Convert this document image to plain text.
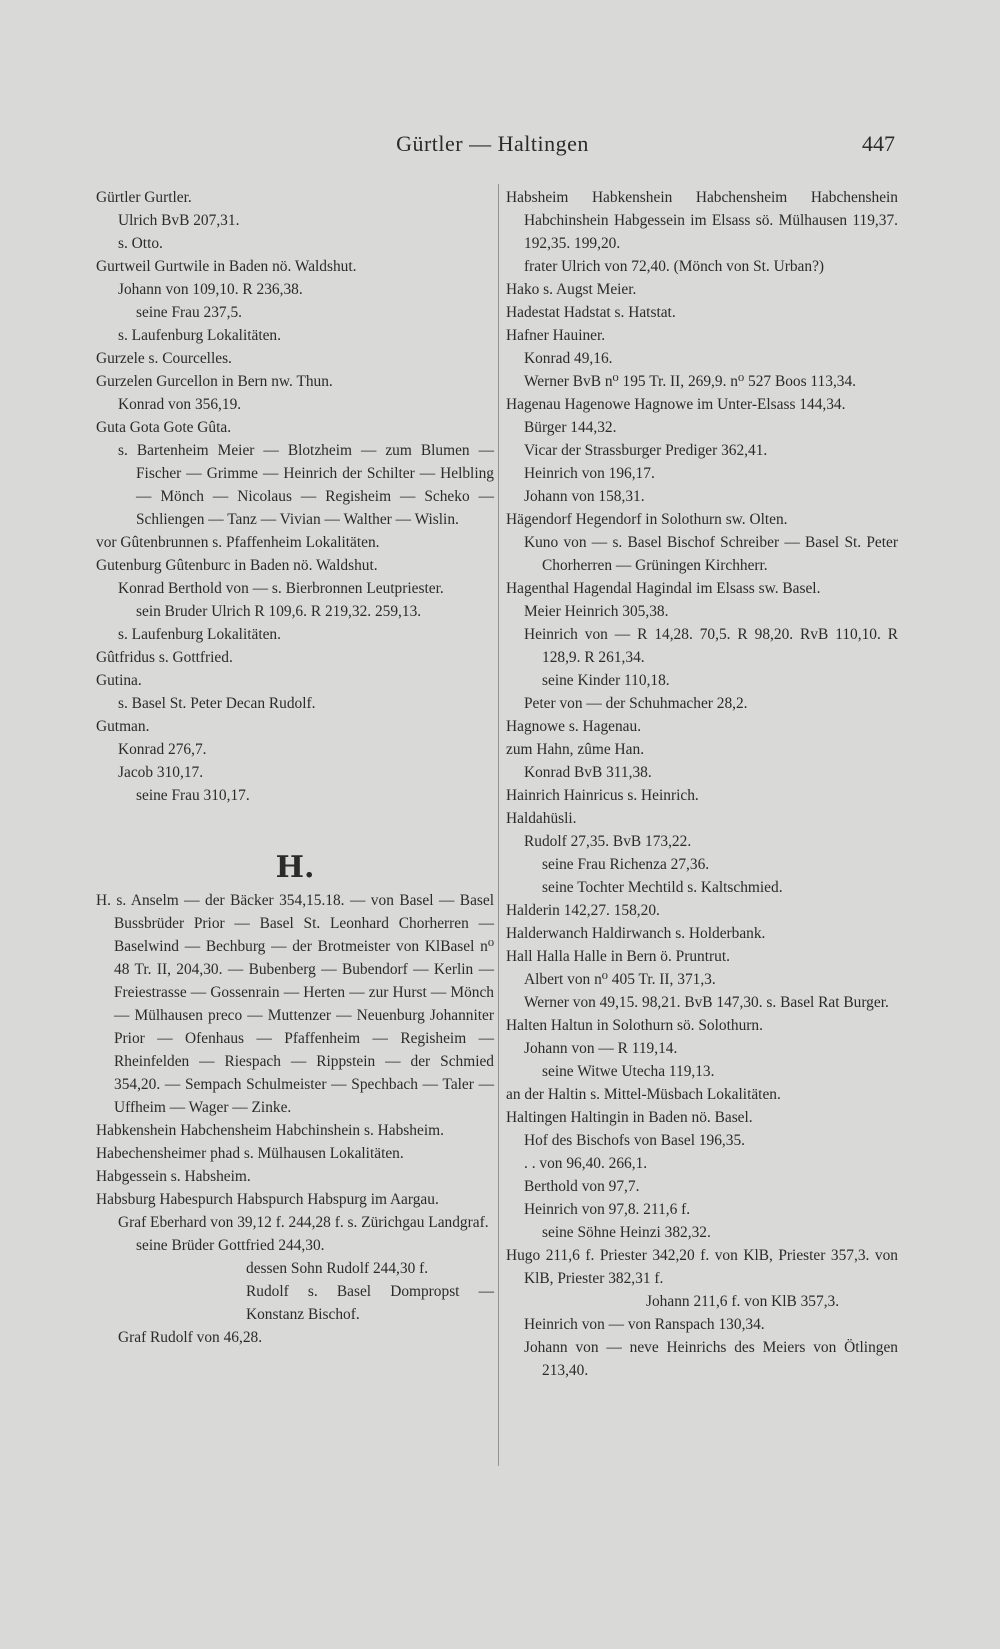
Gürtler — Haltingen	447

Gürtler Gurtler.

Ulrich BvB 207,31.

s. Otto.

Gurtweil Gurtwile in Baden nö. Waldshut.

Johann von 109,10. R 236,38.

seine Frau 237,5.

s. Laufenburg Lokalitäten.

Gurzele s. Courcelles.

Gurzelen Gurcellon in Bern nw. Thun.

Konrad von 356,19.

Guta Gota Gote Gûta.

s. Bartenheim Meier — Blotzheim — zum Blumen — Fischer — Grimme — Heinrich der Schilter — Helbling — Mönch — Nicolaus — Regisheim — Scheko — Schliengen — Tanz — Vivian — Walther — Wislin.

vor Gûtenbrunnen s. Pfaffenheim Lokalitäten.

Gutenburg Gûtenburc in Baden nö. Waldshut.

Konrad Berthold von — s. Bierbronnen Leutpriester.

sein Bruder Ulrich R 109,6. R 219,32. 259,13.

s. Laufenburg Lokalitäten.

Gûtfridus s. Gottfried.

Gutina.

s. Basel St. Peter Decan Rudolf.

Gutman.

Konrad 276,7.

Jacob 310,17.

seine Frau 310,17.

H.

H. s. Anselm — der Bäcker 354,15.18. — von Basel — Basel Bussbrüder Prior — Basel St. Leonhard Chorherren — Baselwind — Bechburg — der Brotmeister von KlBasel n⁰ 48 Tr. II, 204,30. — Bubenberg — Bubendorf — Kerlin — Freiestrasse — Gossenrain — Herten — zur Hurst — Mönch — Mülhausen preco — Muttenzer — Neuenburg Johanniter Prior — Ofenhaus — Pfaffenheim — Regisheim — Rheinfelden — Riespach — Rippstein — der Schmied 354,20. — Sempach Schulmeister — Spechbach — Taler — Uffheim — Wager — Zinke.

Habkenshein Habchensheim Habchinshein s. Habsheim.

Habechensheimer phad s. Mülhausen Lokalitäten.

Habgessein s. Habsheim.

Habsburg Habespurch Habspurch Habspurg im Aargau.

Graf Eberhard von 39,12 f. 244,28 f. s. Zürichgau Landgraf.

seine Brüder Gottfried 244,30.

dessen Sohn Rudolf 244,30 f.

Rudolf s. Basel Dompropst — Konstanz Bischof.

Graf Rudolf von 46,28.

Habsheim Habkenshein Habchensheim Habchenshein Habchinshein Habgessein im Elsass sö. Mülhausen 119,37. 192,35. 199,20.

frater Ulrich von 72,40. (Mönch von St. Urban?)

Hako s. Augst Meier.

Hadestat Hadstat s. Hatstat.

Hafner Hauiner.

Konrad 49,16.

Werner BvB n⁰ 195 Tr. II, 269,9. n⁰ 527 Boos 113,34.

Hagenau Hagenowe Hagnowe im Unter-Elsass 144,34.

Bürger 144,32.

Vicar der Strassburger Prediger 362,41.

Heinrich von 196,17.

Johann von 158,31.

Hägendorf Hegendorf in Solothurn sw. Olten.

Kuno von — s. Basel Bischof Schreiber — Basel St. Peter Chorherren — Grüningen Kirchherr.

Hagenthal Hagendal Hagindal im Elsass sw. Basel.

Meier Heinrich 305,38.

Heinrich von — R 14,28. 70,5. R 98,20. RvB 110,10. R 128,9. R 261,34.

seine Kinder 110,18.

Peter von — der Schuhmacher 28,2.

Hagnowe s. Hagenau.

zum Hahn, zûme Han.

Konrad BvB 311,38.

Hainrich Hainricus s. Heinrich.

Haldahüsli.

Rudolf 27,35. BvB 173,22.

seine Frau Richenza 27,36.

seine Tochter Mechtild s. Kaltschmied.

Halderin 142,27. 158,20.

Halderwanch Haldirwanch s. Holderbank.

Hall Halla Halle in Bern ö. Pruntrut.

Albert von n⁰ 405 Tr. II, 371,3.

Werner von 49,15. 98,21. BvB 147,30. s. Basel Rat Burger.

Halten Haltun in Solothurn sö. Solothurn.

Johann von — R 119,14.

seine Witwe Utecha 119,13.

an der Haltin s. Mittel-Müsbach Lokalitäten.

Haltingen Haltingin in Baden nö. Basel.

Hof des Bischofs von Basel 196,35.

. . von 96,40. 266,1.

Berthold von 97,7.

Heinrich von 97,8. 211,6 f.

seine Söhne Heinzi 382,32.

Hugo 211,6 f. Priester 342,20 f. von KlB, Priester 357,3. von KlB, Priester 382,31 f.

Johann 211,6 f. von KlB 357,3.

Heinrich von — von Ranspach 130,34.

Johann von — neve Heinrichs des Meiers von Ötlingen 213,40.
